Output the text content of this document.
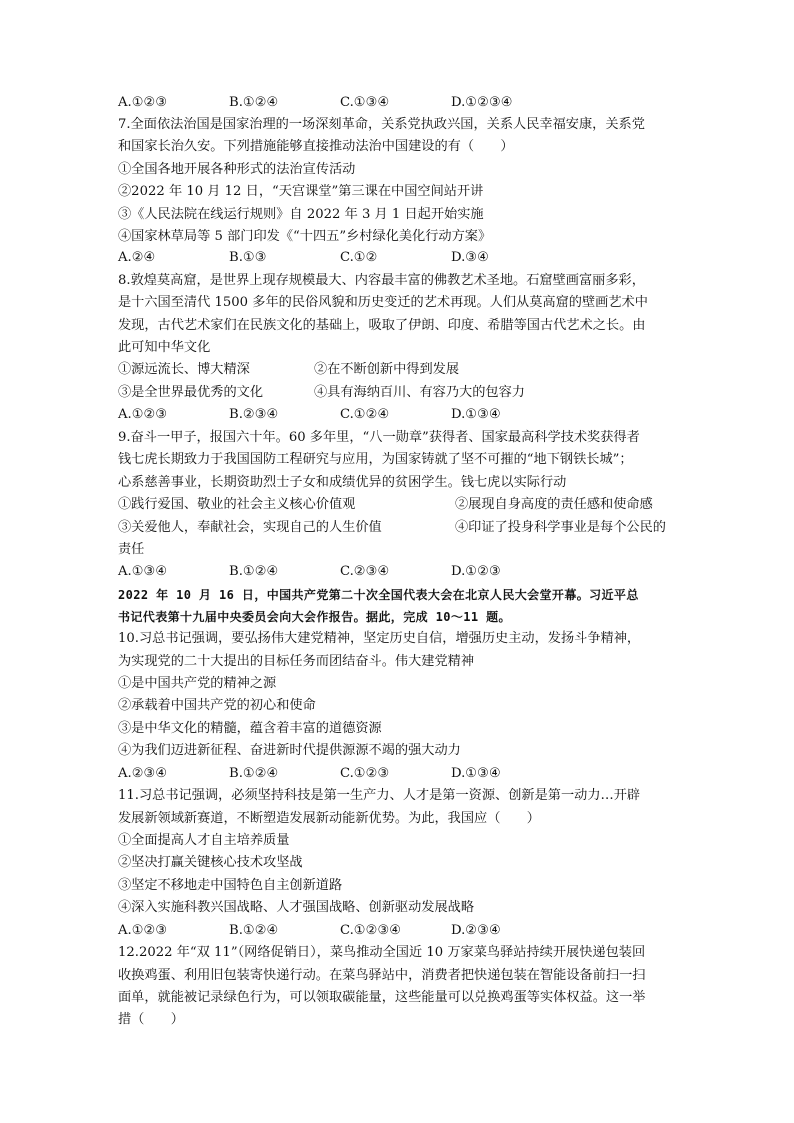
A.①②③	B.①②④	C.①③④	D.①②③④
7.全面依法治国是国家治理的一场深刻革命，关系党执政兴国，关系人民幸福安康，关系党
和国家长治久安。下列措施能够直接推动法治中国建设的有（　　）
①全国各地开展各种形式的法治宣传活动
②2022 年 10 月 12 日，“天宫课堂”第三课在中国空间站开讲
③《人民法院在线运行规则》自 2022 年 3 月 1 日起开始实施
④国家林草局等 5 部门印发《“十四五”乡村绿化美化行动方案》
A.②④	B.①③	C.①②	D.③④
8.敦煌莫高窟，是世界上现存规模最大、内容最丰富的佛教艺术圣地。石窟壁画富丽多彩，
是十六国至清代 1500 多年的民俗风貌和历史变迁的艺术再现。人们从莫高窟的壁画艺术中
发现，古代艺术家们在民族文化的基础上，吸取了伊朗、印度、希腊等国古代艺术之长。由
此可知中华文化
①源远流长、博大精深	②在不断创新中得到发展
③是全世界最优秀的文化	④具有海纳百川、有容乃大的包容力
A.①②③	B.②③④	C.①②④	D.①③④
9.奋斗一甲子，报国六十年。60 多年里，“八一勋章”获得者、国家最高科学技术奖获得者
钱七虎长期致力于我国国防工程研究与应用，为国家铸就了坚不可摧的“地下钢铁长城”；
心系慈善事业，长期资助烈士子女和成绩优异的贫困学生。钱七虎以实际行动
①践行爱国、敬业的社会主义核心价值观	②展现自身高度的责任感和使命感
③关爱他人，奉献社会，实现自己的人生价值	④印证了投身科学事业是每个公民的
责任
A.①③④	B.①②④	C.②③④	D.①②③
2022 年 10 月 16 日，中国共产党第二十次全国代表大会在北京人民大会堂开幕。习近平总
书记代表第十九届中央委员会向大会作报告。据此，完成 10～11 题。
10.习总书记强调，要弘扬伟大建党精神，坚定历史自信，增强历史主动，发扬斗争精神，
为实现党的二十大提出的目标任务而团结奋斗。伟大建党精神
①是中国共产党的精神之源
②承载着中国共产党的初心和使命
③是中华文化的精髓，蕴含着丰富的道德资源
④为我们迈进新征程、奋进新时代提供源源不竭的强大动力
A.②③④	B.①②④	C.①②③	D.①③④
11.习总书记强调，必须坚持科技是第一生产力、人才是第一资源、创新是第一动力…开辟
发展新领域新赛道，不断塑造发展新动能新优势。为此，我国应（　　）
①全面提高人才自主培养质量
②坚决打赢关键核心技术攻坚战
③坚定不移地走中国特色自主创新道路
④深入实施科教兴国战略、人才强国战略、创新驱动发展战略
A.①②③	B.①②④	C.①②③④	D.②③④
12.2022 年“双 11”（网络促销日），菜鸟推动全国近 10 万家菜鸟驿站持续开展快递包装回
收换鸡蛋、利用旧包装寄快递行动。在菜鸟驿站中，消费者把快递包装在智能设备前扫一扫
面单，就能被记录绿色行为，可以领取碳能量，这些能量可以兑换鸡蛋等实体权益。这一举
措（　　）
